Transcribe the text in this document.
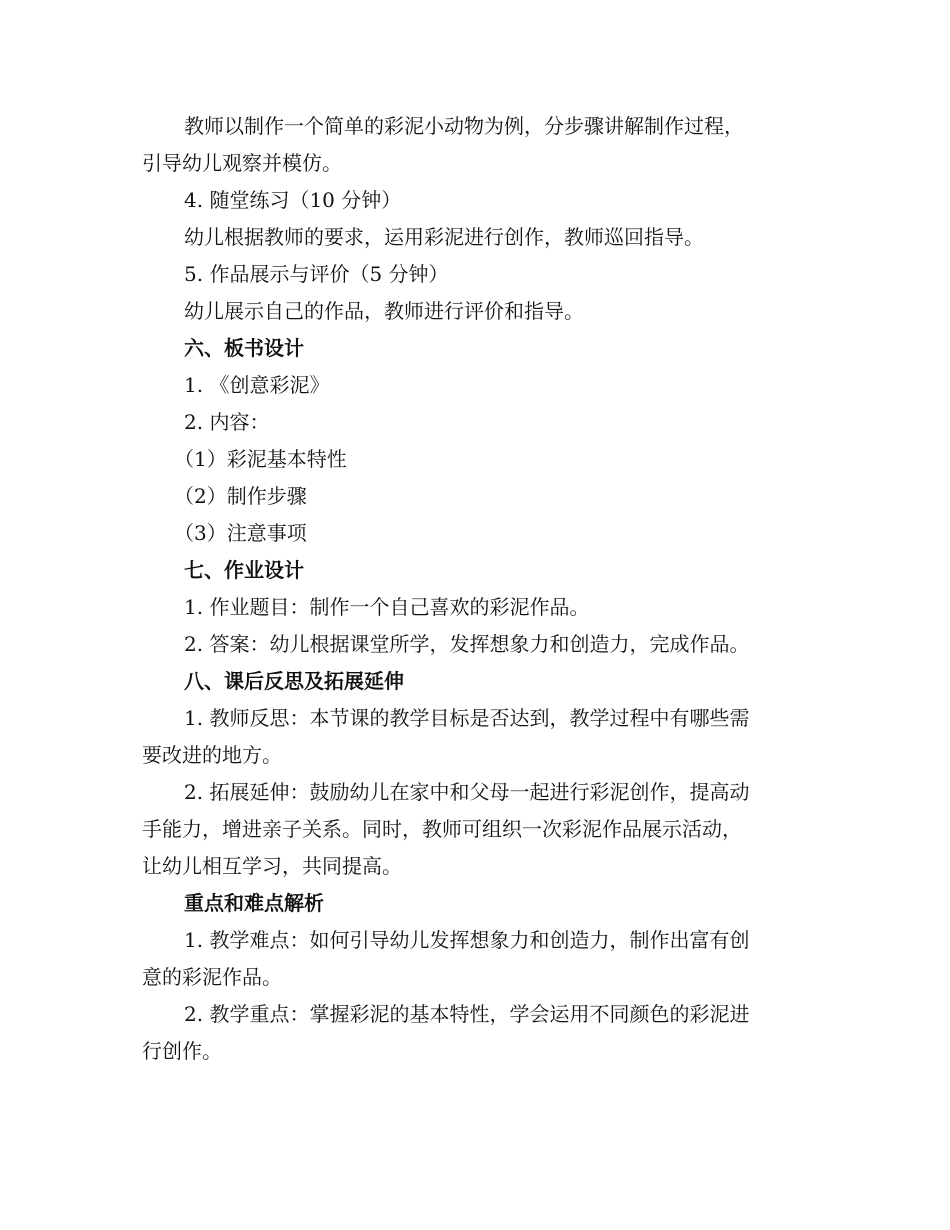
教师以制作一个简单的彩泥小动物为例，分步骤讲解制作过程，
引导幼儿观察并模仿。
4. 随堂练习（10 分钟）
幼儿根据教师的要求，运用彩泥进行创作，教师巡回指导。
5. 作品展示与评价（5 分钟）
幼儿展示自己的作品，教师进行评价和指导。
六、板书设计
1. 《创意彩泥》
2. 内容：
（1）彩泥基本特性
（2）制作步骤
（3）注意事项
七、作业设计
1. 作业题目：制作一个自己喜欢的彩泥作品。
2. 答案：幼儿根据课堂所学，发挥想象力和创造力，完成作品。
八、课后反思及拓展延伸
1. 教师反思：本节课的教学目标是否达到，教学过程中有哪些需
要改进的地方。
2. 拓展延伸：鼓励幼儿在家中和父母一起进行彩泥创作，提高动
手能力，增进亲子关系。同时，教师可组织一次彩泥作品展示活动，
让幼儿相互学习，共同提高。
重点和难点解析
1. 教学难点：如何引导幼儿发挥想象力和创造力，制作出富有创
意的彩泥作品。
2. 教学重点：掌握彩泥的基本特性，学会运用不同颜色的彩泥进
行创作。
